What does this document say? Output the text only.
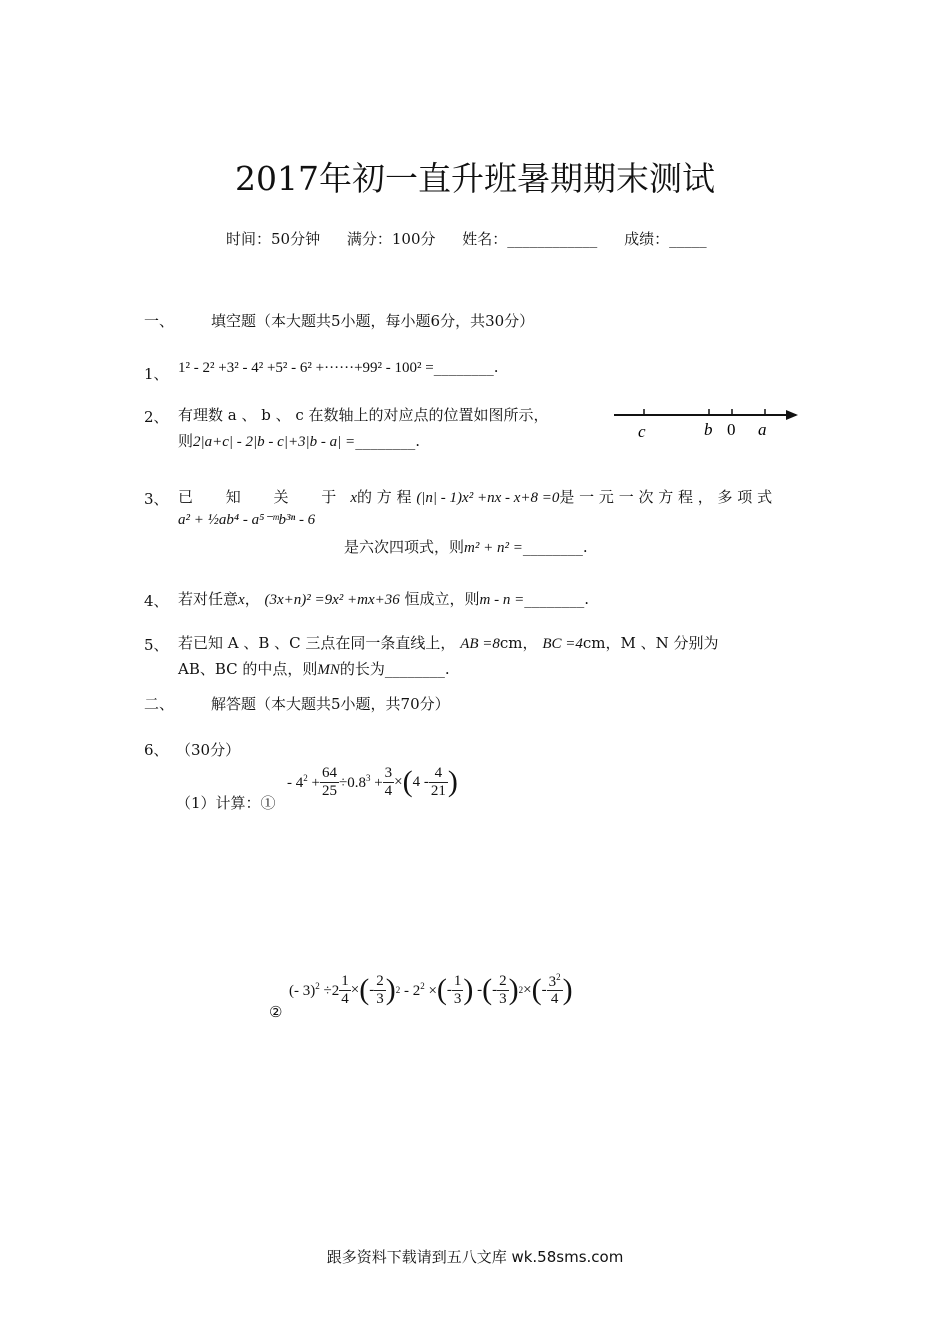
2017年初一直升班暑期期末测试
时间：50分钟 满分：100分 姓名：____________ 成绩：_____
一、 填空题（本大题共5小题，每小题6分，共30分）
1、 1² - 2² +3² - 4² +5² - 6² +······+99² - 100² =________.
2、 有理数 a 、 b 、 c 在数轴上的对应点的位置如图所示，
则2|a+c| - 2|b - c|+3|b - a| =________.	c	b 0 a
3、 已 知 关 于x的 方 程 (|n| - 1)x² +nx - x+8 =0是 一 元 一 次 方 程 ， 多 项 式
a² + ½ab⁴ - a⁵⁻ᵐb³ⁿ - 6
是六次四项式，则m² + n² =________.
4、 若对任意x， (3x+n)² =9x² +mx+36 恒成立，则m - n =________.
5、 若已知 A 、B 、C 三点在同一条直线上， AB =8cm， BC =4cm，M 、N 分别为
AB、BC 的中点，则MN的长为________.
二、 解答题（本大题共5小题，共70分）
6、 （30分）
（1）计算：①
- $4^2 + \frac{64}{25} \div 0.8^3 + \frac{3}{4}$ × ( $4 - \frac{4}{21}$ )
②
(- $3)^2 \div 2 \frac{1}{4}$ × ( - $\frac{2}{3}$ ) $2 - 2^2$ × ( - $\frac{1}{3}$ ) - ( - $\frac{2}{3}$ ) 2 × ( - $\frac{3^2}{4}$ )
跟多资料下载请到五八文库 wk.58sms.com
